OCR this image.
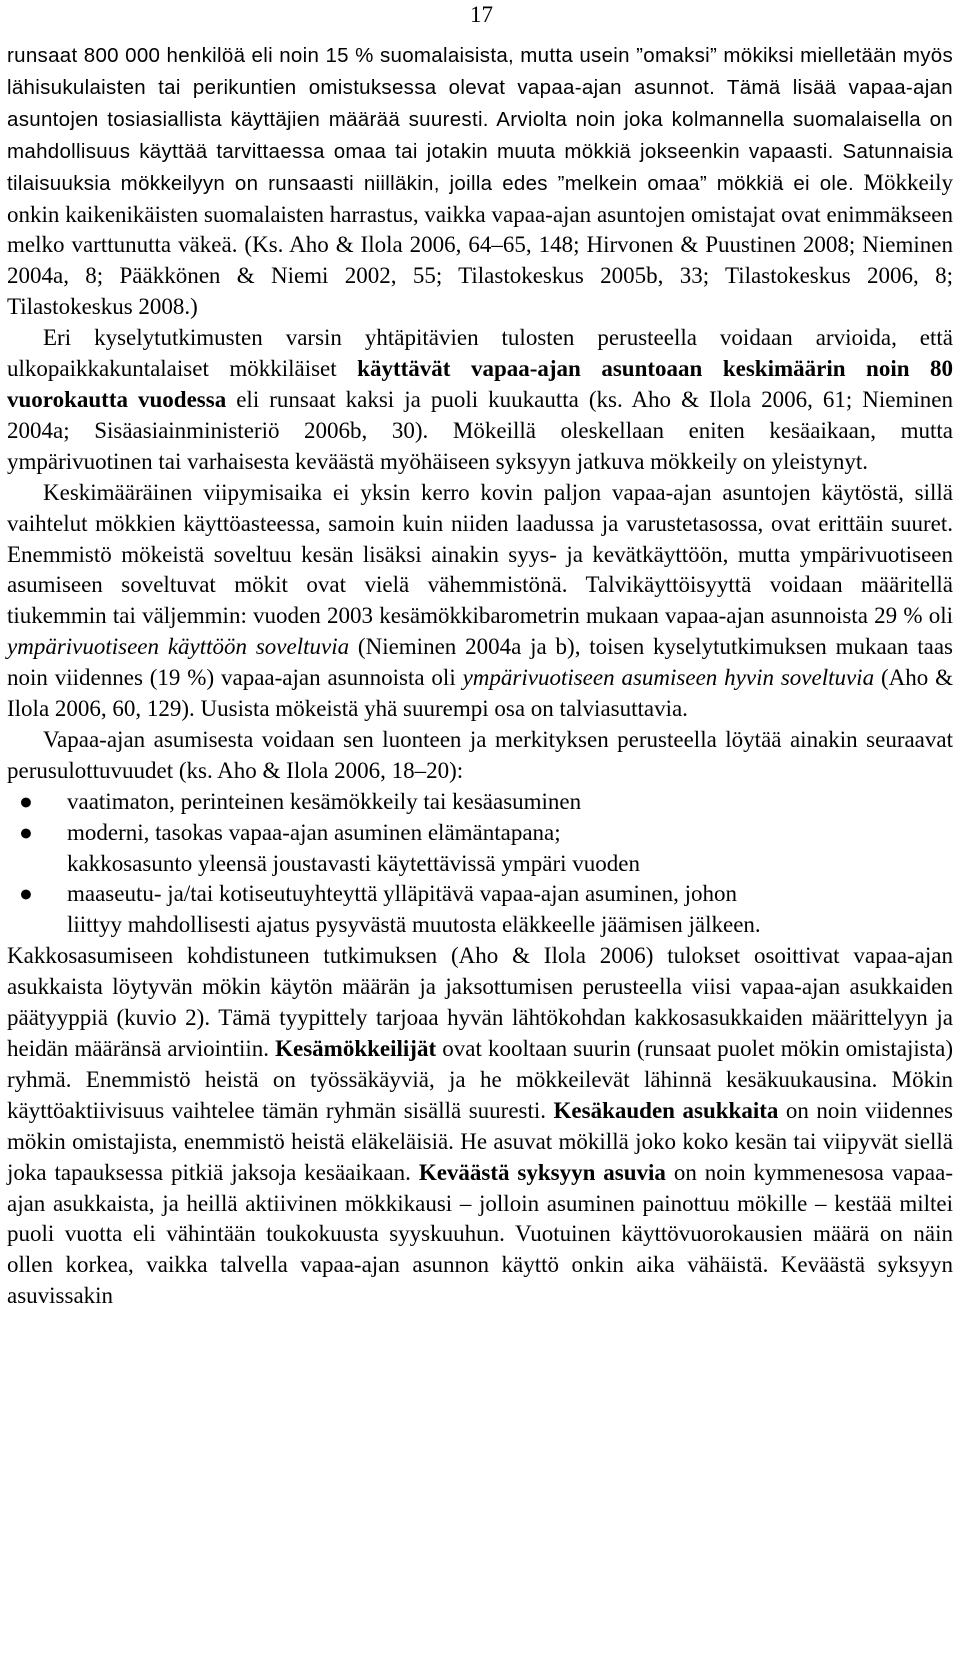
17

runsaat 800 000 henkilöä eli noin 15 % suomalaisista, mutta usein ”omaksi” mökiksi mielletään myös lähisukulaisten tai perikuntien omistuksessa olevat vapaa-ajan asunnot. Tämä lisää vapaa-ajan asuntojen tosiasiallista käyttäjien määrää suuresti. Arviolta noin joka kolmannella suomalaisella on mahdollisuus käyttää tarvittaessa omaa tai jotakin muuta mökkiä jokseenkin vapaasti. Satunnaisia tilaisuuksia mökkeilyyn on runsaasti niilläkin, joilla edes ”melkein omaa” mökkiä ei ole. Mökkeily onkin kaikenikäisten suomalaisten harrastus, vaikka vapaa-ajan asuntojen omistajat ovat enimmäkseen melko varttunutta väkeä. (Ks. Aho & Ilola 2006, 64–65, 148; Hirvonen & Puustinen 2008; Nieminen 2004a, 8; Pääkkönen & Niemi 2002, 55; Tilastokeskus 2005b, 33; Tilastokeskus 2006, 8; Tilastokeskus 2008.)

Eri kyselytutkimusten varsin yhtäpitävien tulosten perusteella voidaan arvioida, että ulkopaikkakuntalaiset mökkiläiset käyttävät vapaa-ajan asuntoaan keskimäärin noin 80 vuorokautta vuodessa eli runsaat kaksi ja puoli kuukautta (ks. Aho & Ilola 2006, 61; Nieminen 2004a; Sisäasiainministeriö 2006b, 30). Mökeillä oleskellaan eniten kesäaikaan, mutta ympärivuotinen tai varhaisesta keväästä myöhäiseen syksyyn jatkuva mökkeily on yleistynyt.

Keskimääräinen viipymisaika ei yksin kerro kovin paljon vapaa-ajan asuntojen käytöstä, sillä vaihtelut mökkien käyttöasteessa, samoin kuin niiden laadussa ja varustetasossa, ovat erittäin suuret. Enemmistö mökeistä soveltuu kesän lisäksi ainakin syys- ja kevätkäyttöön, mutta ympärivuotiseen asumiseen soveltuvat mökit ovat vielä vähemmistönä. Talvikäyttöisyyttä voidaan määritellä tiukemmin tai väljemmin: vuoden 2003 kesämökkibarometrin mukaan vapaa-ajan asunnoista 29 % oli ympärivuotiseen käyttöön soveltuvia (Nieminen 2004a ja b), toisen kyselytutkimuksen mukaan taas noin viidennes (19 %) vapaa-ajan asunnoista oli ympärivuotiseen asumiseen hyvin soveltuvia (Aho & Ilola 2006, 60, 129). Uusista mökeistä yhä suurempi osa on talviasuttavia.

Vapaa-ajan asumisesta voidaan sen luonteen ja merkityksen perusteella löytää ainakin seuraavat perusulottuvuudet (ks. Aho & Ilola 2006, 18–20):

● vaatimaton, perinteinen kesämökkeily tai kesäasuminen
● moderni, tasokas vapaa-ajan asuminen elämäntapana;
kakkosasunto yleensä joustavasti käytettävissä ympäri vuoden
● maaseutu- ja/tai kotiseutuyhteyttä ylläpitävä vapaa-ajan asuminen, johon
liittyy mahdollisesti ajatus pysyvästä muutosta eläkkeelle jäämisen jälkeen.

Kakkosasumiseen kohdistuneen tutkimuksen (Aho & Ilola 2006) tulokset osoittivat vapaa-ajan asukkaista löytyvän mökin käytön määrän ja jaksottumisen perusteella viisi vapaa-ajan asukkaiden päätyyppiä (kuvio 2). Tämä tyypittely tarjoaa hyvän lähtökohdan kakkosasukkaiden määrittelyyn ja heidän määränsä arviointiin. Kesämökkeilijät ovat kooltaan suurin (runsaat puolet mökin omistajista) ryhmä. Enemmistö heistä on työssäkäyviä, ja he mökkeilevät lähinnä kesäkuukausina. Mökin käyttöaktiivisuus vaihtelee tämän ryhmän sisällä suuresti. Kesäkauden asukkaita on noin viidennes mökin omistajista, enemmistö heistä eläkeläisiä. He asuvat mökillä joko koko kesän tai viipyvät siellä joka tapauksessa pitkiä jaksoja kesäaikaan. Keväästä syksyyn asuvia on noin kymmenesosa vapaa-ajan asukkaista, ja heillä aktiivinen mökkikausi – jolloin asuminen painottuu mökille – kestää miltei puoli vuotta eli vähintään toukokuusta syyskuuhun. Vuotuinen käyttövuorokausien määrä on näin ollen korkea, vaikka talvella vapaa-ajan asunnon käyttö onkin aika vähäistä. Keväästä syksyyn asuvissakin
